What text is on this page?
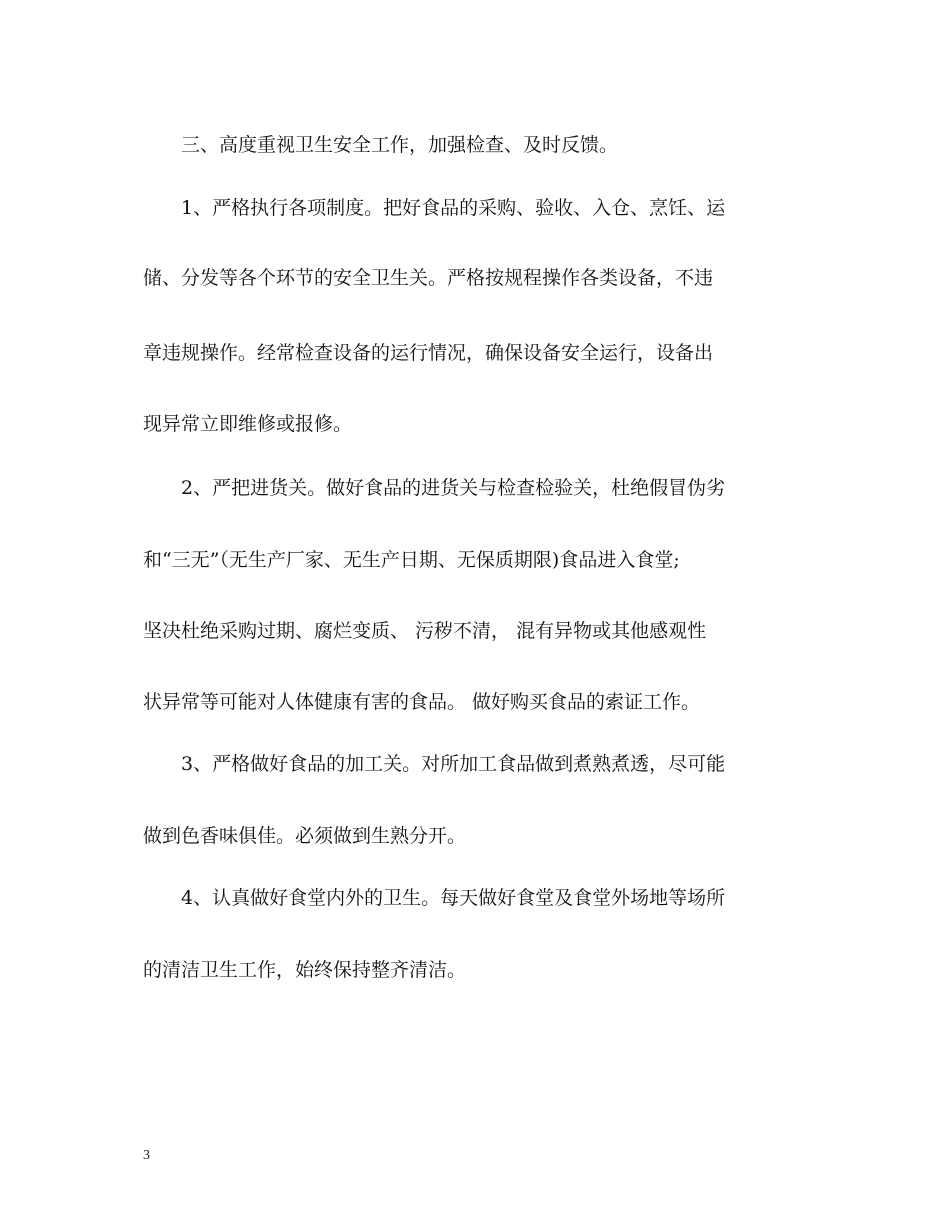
　　三、高度重视卫生安全工作，加强检查、及时反馈。
　　1、严格执行各项制度。把好食品的采购、验收、入仓、烹饪、运
储、分发等各个环节的安全卫生关。严格按规程操作各类设备，不违
章违规操作。经常检查设备的运行情况，确保设备安全运行，设备出
现异常立即维修或报修。
　　2、严把进货关。做好食品的进货关与检查检验关，杜绝假冒伪劣
和“三无”（无生产厂家、无生产日期、无保质期限)食品进入食堂;
坚决杜绝采购过期、腐烂变质、 污秽不清， 混有异物或其他感观性
状异常等可能对人体健康有害的食品。 做好购买食品的索证工作。
　　3、严格做好食品的加工关。对所加工食品做到煮熟煮透，尽可能
做到色香味俱佳。必须做到生熟分开。
　　4、认真做好食堂内外的卫生。每天做好食堂及食堂外场地等场所
的清洁卫生工作，始终保持整齐清洁。
3
